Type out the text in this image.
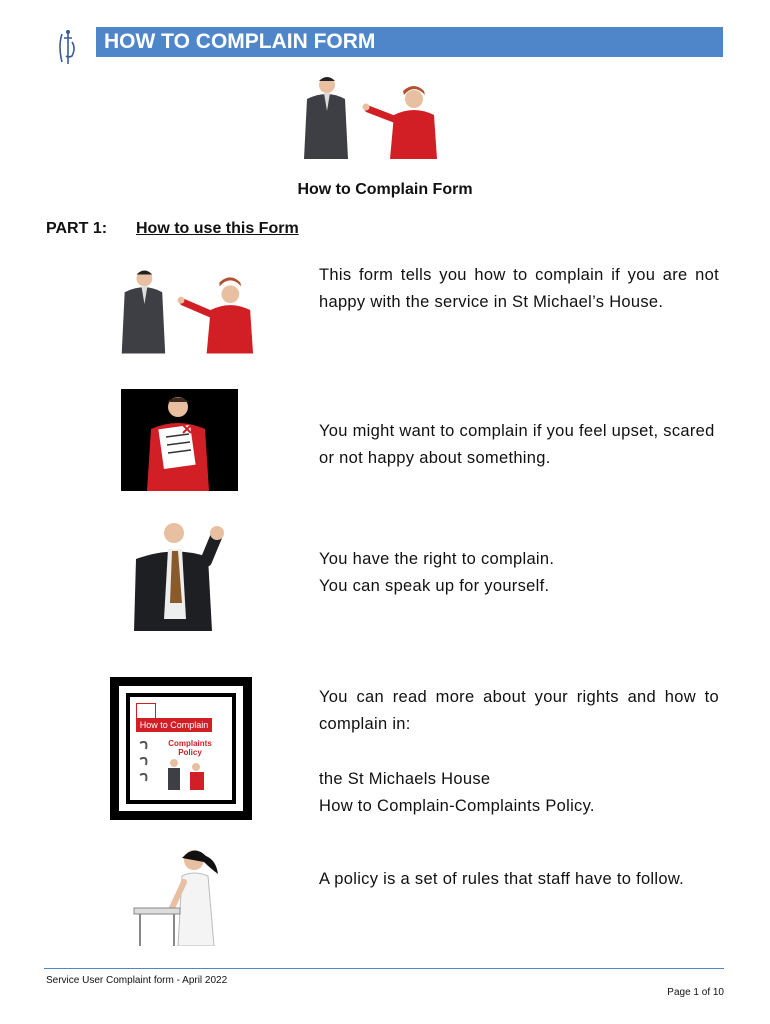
HOW TO COMPLAIN FORM
How to Complain Form
PART 1: How to use this Form
This form tells you how to complain if you are not happy with the service in St Michael’s House.
You might want to complain if you feel upset, scared or not happy about something.
You have the right to complain.
You can speak up for yourself.
How to Complain
Complaints
Policy
You can read more about your rights and how to complain in:
the St Michaels House
How to Complain-Complaints Policy.
A policy is a set of rules that staff have to follow.
Service User Complaint form - April 2022
Page 1 of 10
